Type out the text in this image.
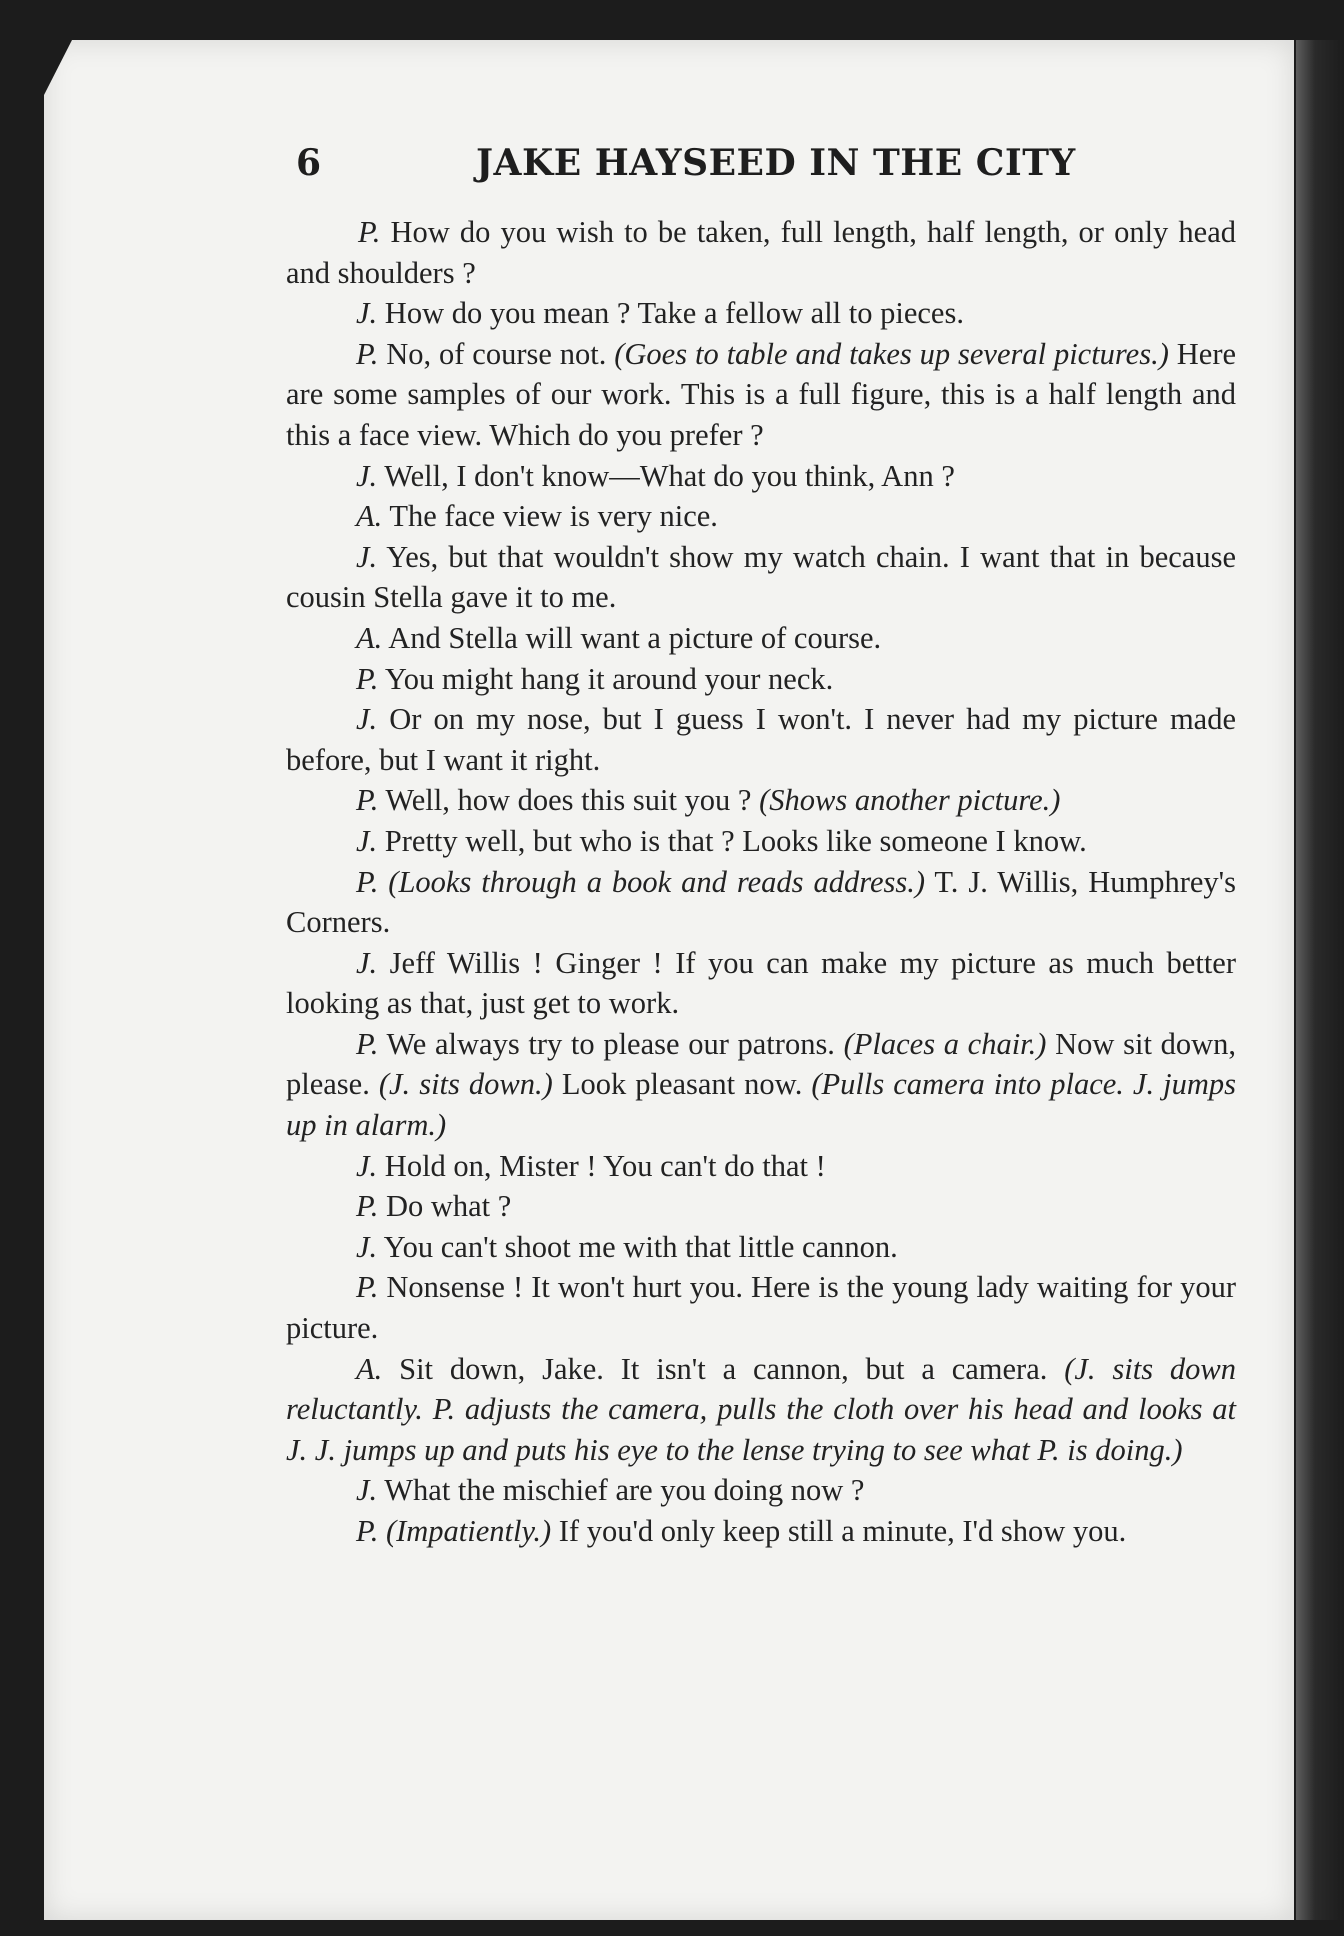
6	JAKE HAYSEED IN THE CITY

P. How do you wish to be taken, full length, half length, or only head and shoulders ?

J. How do you mean ? Take a fellow all to pieces.

P. No, of course not. (Goes to table and takes up several pictures.) Here are some samples of our work. This is a full figure, this is a half length and this a face view. Which do you prefer ?

J. Well, I don't know—What do you think, Ann ?

A. The face view is very nice.

J. Yes, but that wouldn't show my watch chain. I want that in because cousin Stella gave it to me.

A. And Stella will want a picture of course.

P. You might hang it around your neck.

J. Or on my nose, but I guess I won't. I never had my picture made before, but I want it right.

P. Well, how does this suit you ? (Shows another picture.)

J. Pretty well, but who is that ? Looks like someone I know.

P. (Looks through a book and reads address.) T. J. Willis, Humphrey's Corners.

J. Jeff Willis ! Ginger ! If you can make my picture as much better looking as that, just get to work.

P. We always try to please our patrons. (Places a chair.) Now sit down, please. (J. sits down.) Look pleasant now. (Pulls camera into place. J. jumps up in alarm.)

J. Hold on, Mister ! You can't do that !

P. Do what ?

J. You can't shoot me with that little cannon.

P. Nonsense ! It won't hurt you. Here is the young lady waiting for your picture.

A. Sit down, Jake. It isn't a cannon, but a camera. (J. sits down reluctantly. P. adjusts the camera, pulls the cloth over his head and looks at J. J. jumps up and puts his eye to the lense trying to see what P. is doing.)

J. What the mischief are you doing now ?

P. (Impatiently.) If you'd only keep still a minute, I'd show you.
